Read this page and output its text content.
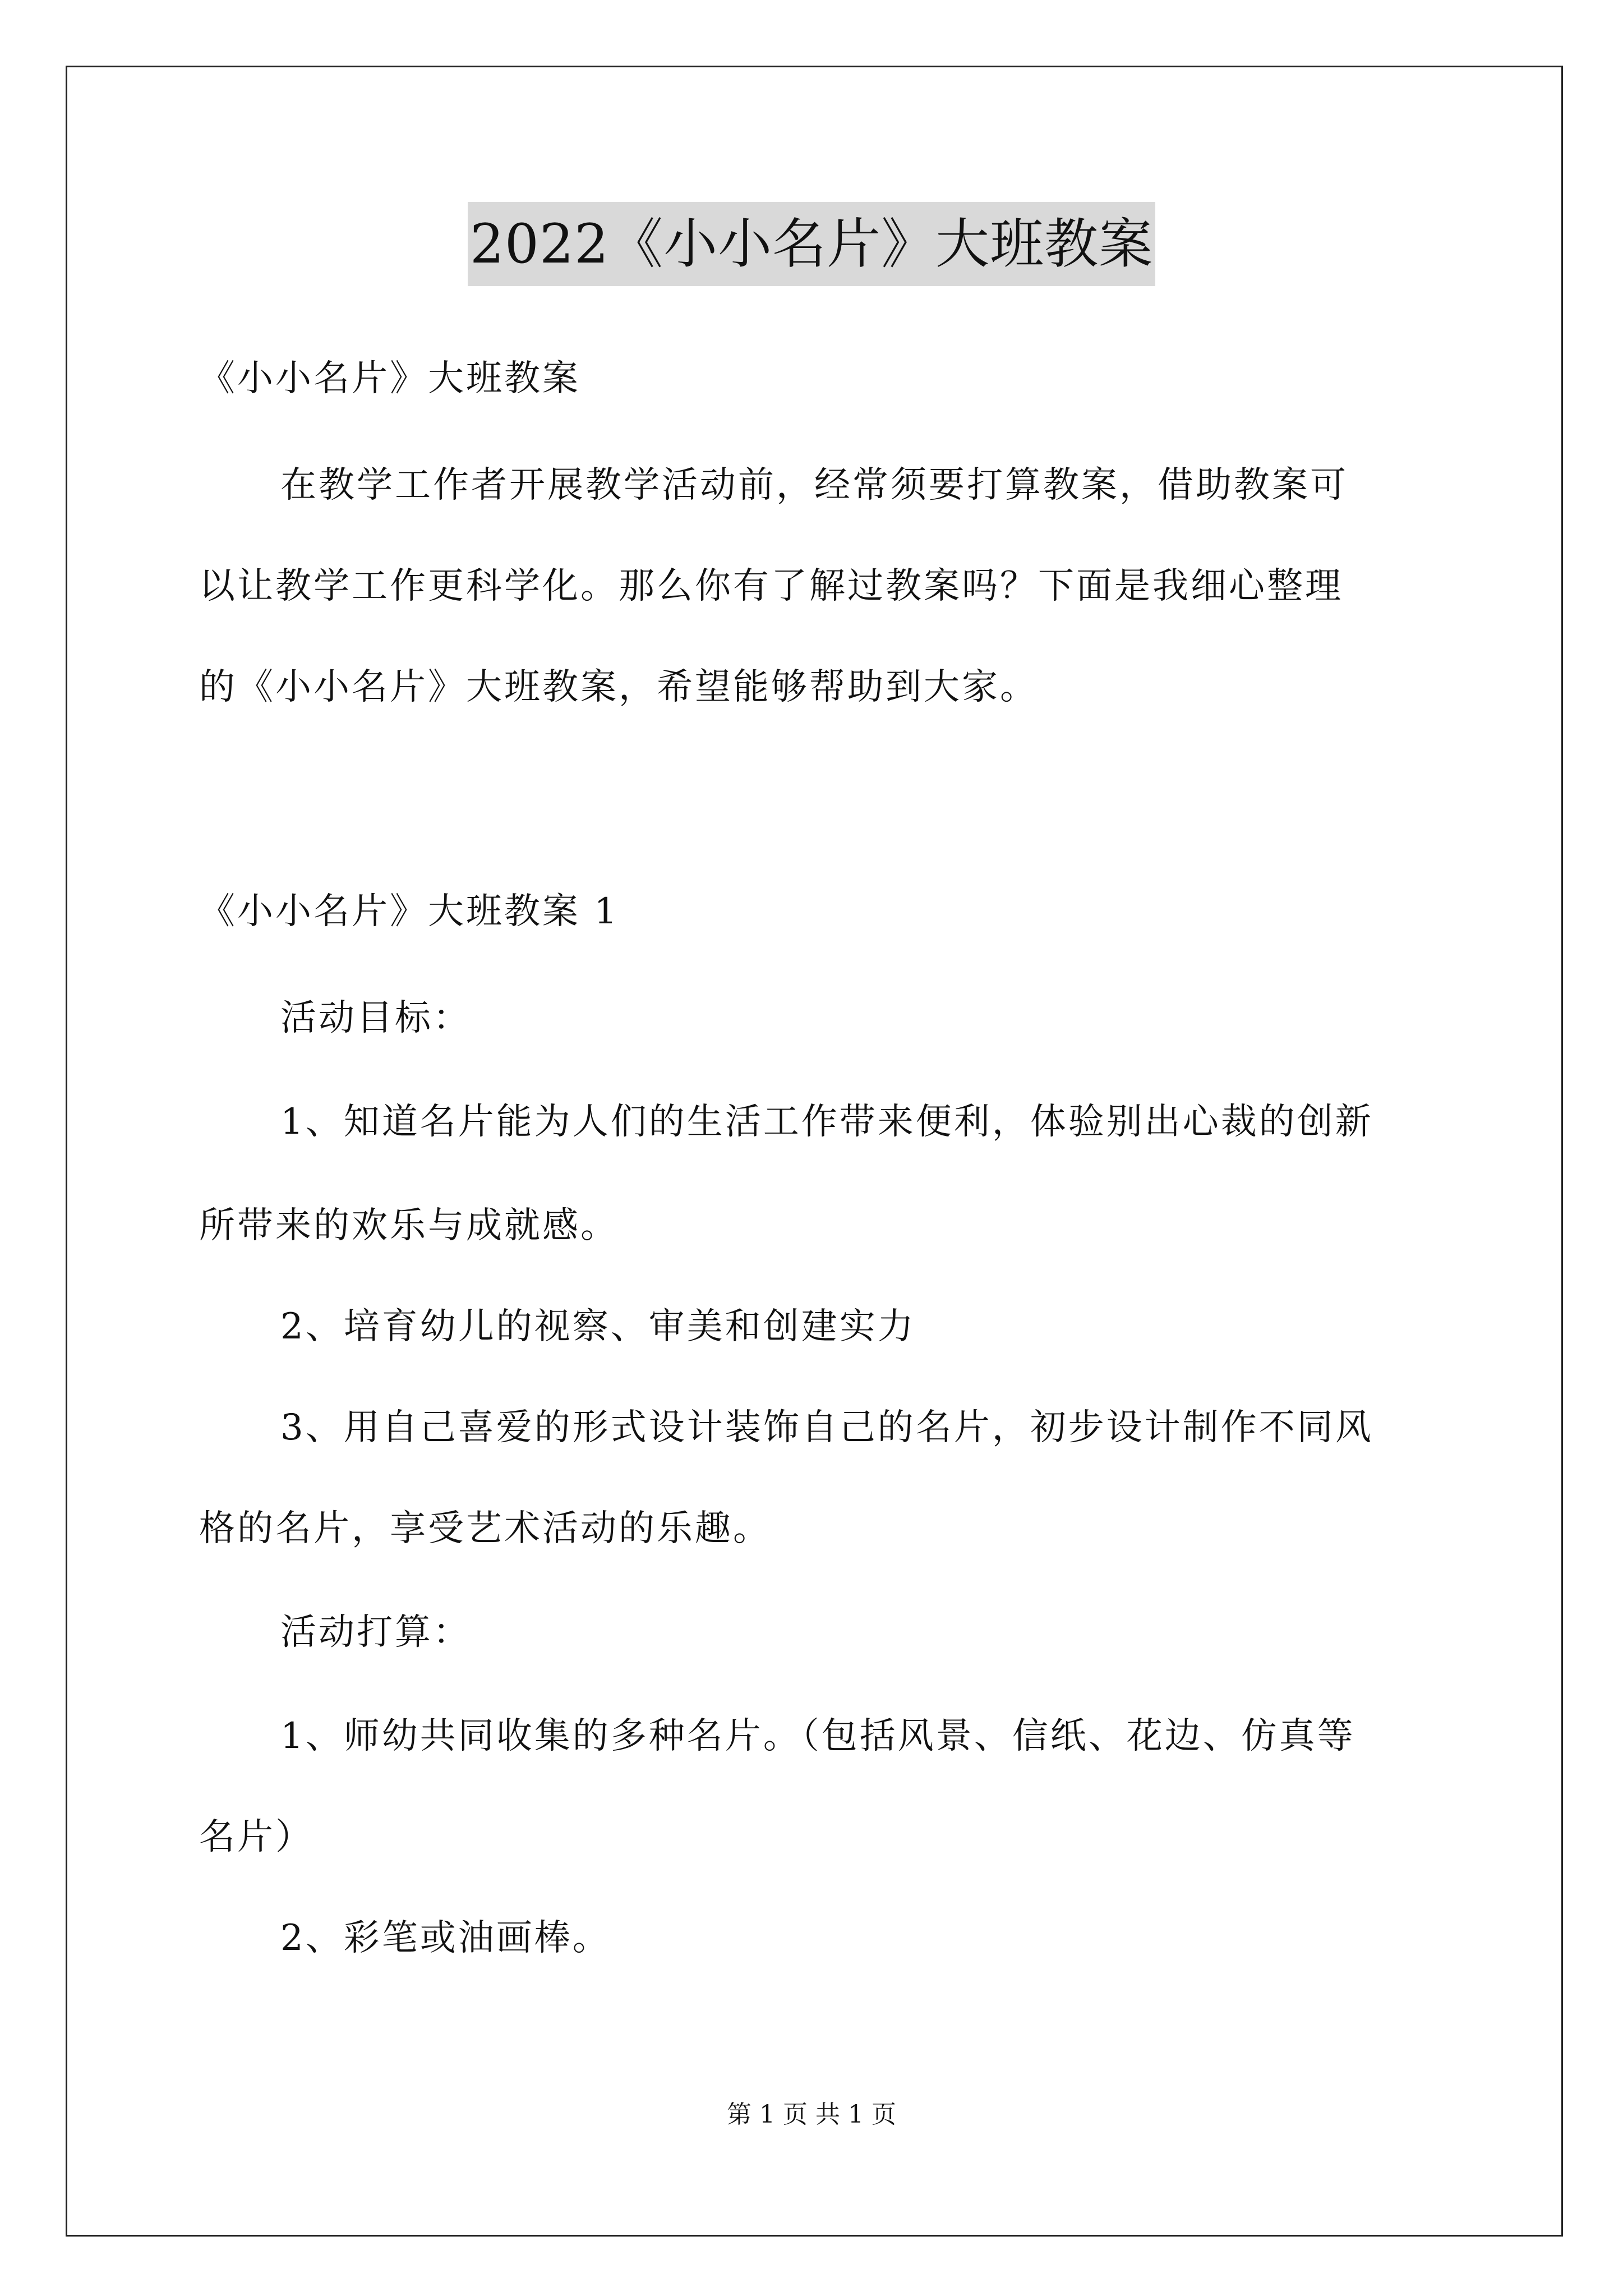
2022《小小名片》大班教案
《小小名片》大班教案
在教学工作者开展教学活动前，经常须要打算教案，借助教案可
以让教学工作更科学化。那么你有了解过教案吗？下面是我细心整理
的《小小名片》大班教案，希望能够帮助到大家。
《小小名片》大班教案 1
活动目标：
1、知道名片能为人们的生活工作带来便利，体验别出心裁的创新
所带来的欢乐与成就感。
2、培育幼儿的视察、审美和创建实力
3、用自己喜爱的形式设计装饰自己的名片，初步设计制作不同风
格的名片，享受艺术活动的乐趣。
活动打算：
1、师幼共同收集的多种名片。（包括风景、信纸、花边、仿真等
名片）
2、彩笔或油画棒。
第 1 页 共 1 页
